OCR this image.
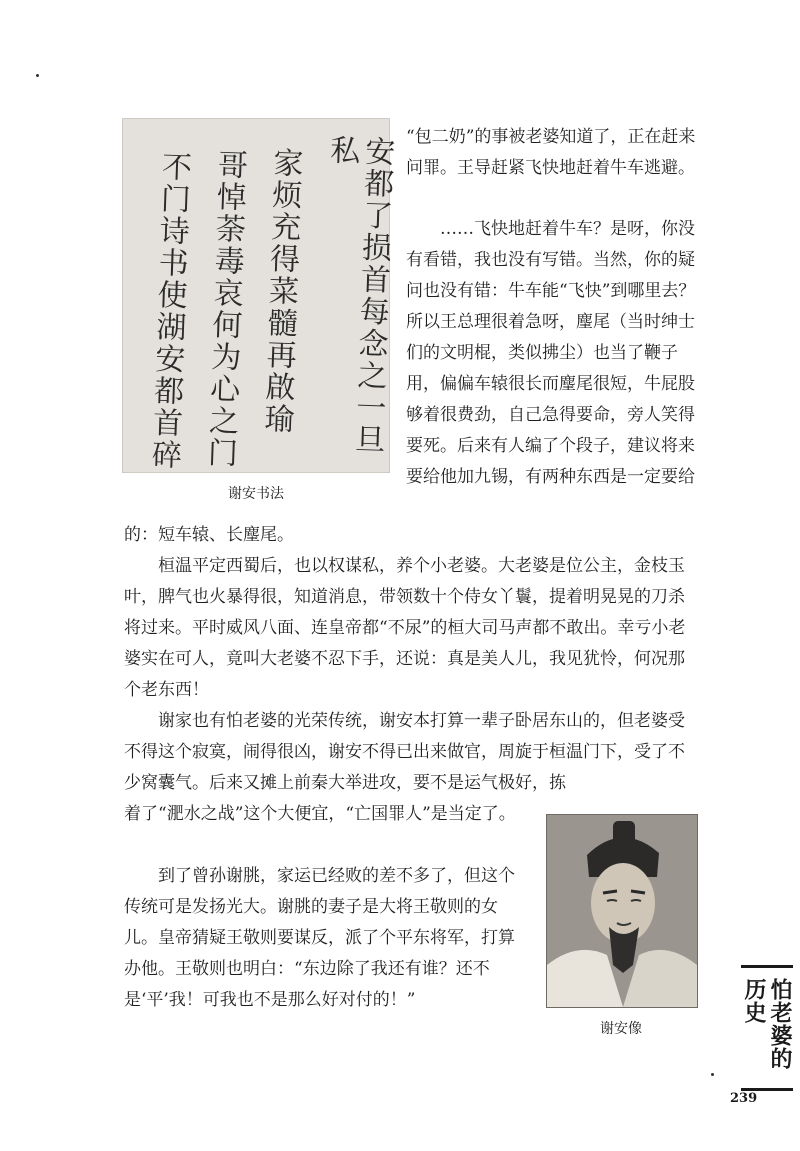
安都了损首每念之一旦私
家烦充得菜髓再啟瑜
哥悼荼毒哀何为心之门
不门诗书使湖安都首碎
谢安书法

“包二奶”的事被老婆知道了，正在赶来问罪。王导赶紧飞快地赶着牛车逃避。

……飞快地赶着牛车？是呀，你没有看错，我也没有写错。当然，你的疑问也没有错：牛车能“飞快”到哪里去？所以王总理很着急呀，麈尾（当时绅士们的文明棍，类似拂尘）也当了鞭子用，偏偏车辕很长而麈尾很短，牛屁股够着很费劲，自己急得要命，旁人笑得要死。后来有人编了个段子，建议将来要给他加九锡，有两种东西是一定要给

的：短车辕、长麈尾。

桓温平定西蜀后，也以权谋私，养个小老婆。大老婆是位公主，金枝玉叶，脾气也火暴得很，知道消息，带领数十个侍女丫鬟，提着明晃晃的刀杀将过来。平时威风八面、连皇帝都“不尿”的桓大司马声都不敢出。幸亏小老婆实在可人，竟叫大老婆不忍下手，还说：真是美人儿，我见犹怜，何况那个老东西！

谢家也有怕老婆的光荣传统，谢安本打算一辈子卧居东山的，但老婆受不得这个寂寞，闹得很凶，谢安不得已出来做官，周旋于桓温门下，受了不少窝囊气。后来又摊上前秦大举进攻，要不是运气极好，拣

着了“淝水之战”这个大便宜，“亡国罪人”是当定了。

到了曾孙谢朓，家运已经败的差不多了，但这个传统可是发扬光大。谢朓的妻子是大将王敬则的女儿。皇帝猜疑王敬则要谋反，派了个平东将军，打算办他。王敬则也明白：“东边除了我还有谁？还不是‘平’我！可我也不是那么好对付的！”

谢安像	怕老婆的历史
239
